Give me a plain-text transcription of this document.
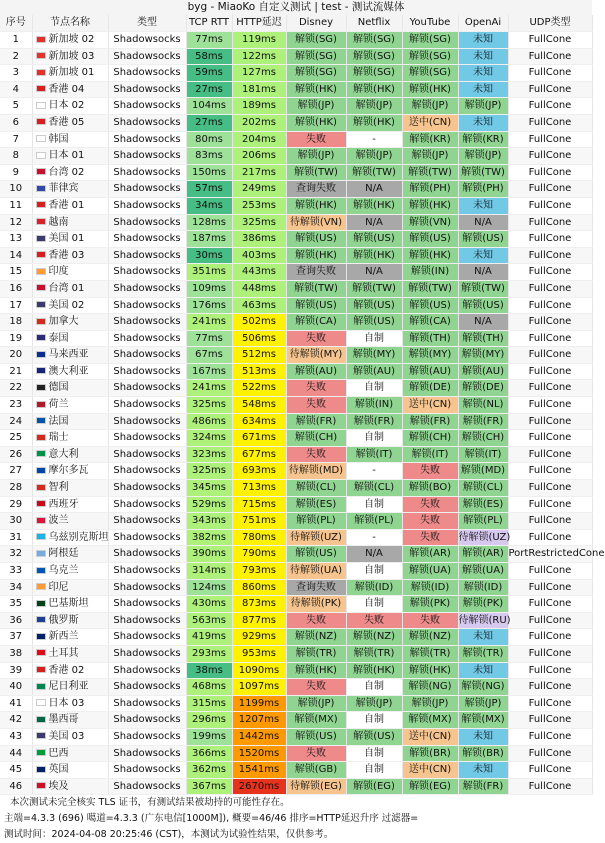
byg - MiaoKo 自定义测试 | test - 测试流媒体
序号	节点名称	类型	TCP RTT	HTTP延迟	Disney	Netflix	YouTube	OpenAi	UDP类型
1	新加坡 02	Shadowsocks	77ms	119ms	解锁(SG)	解锁(SG)	解锁(SG)	未知	FullCone
2	新加坡 03	Shadowsocks	58ms	122ms	解锁(SG)	解锁(SG)	解锁(SG)	未知	FullCone
3	新加坡 01	Shadowsocks	59ms	127ms	解锁(SG)	解锁(SG)	解锁(SG)	未知	FullCone
4	香港 04	Shadowsocks	27ms	181ms	解锁(HK)	解锁(HK)	解锁(HK)	未知	FullCone
5	日本 02	Shadowsocks	104ms	189ms	解锁(JP)	解锁(JP)	解锁(JP)	解锁(JP)	FullCone
6	香港 05	Shadowsocks	27ms	202ms	解锁(HK)	解锁(HK)	送中(CN)	未知	FullCone
7	韩国	Shadowsocks	80ms	204ms	失败	-	解锁(KR)	解锁(KR)	FullCone
8	日本 01	Shadowsocks	83ms	206ms	解锁(JP)	解锁(JP)	解锁(JP)	解锁(JP)	FullCone
9	台湾 02	Shadowsocks	150ms	217ms	解锁(TW)	解锁(TW)	解锁(TW)	解锁(TW)	FullCone
10	菲律宾	Shadowsocks	57ms	249ms	查询失败	N/A	解锁(PH)	解锁(PH)	FullCone
11	香港 01	Shadowsocks	34ms	253ms	解锁(HK)	解锁(HK)	解锁(HK)	未知	FullCone
12	越南	Shadowsocks	128ms	325ms	待解锁(VN)	N/A	解锁(VN)	N/A	FullCone
13	美国 01	Shadowsocks	187ms	386ms	解锁(US)	解锁(US)	解锁(US)	解锁(US)	FullCone
14	香港 03	Shadowsocks	30ms	403ms	解锁(HK)	解锁(HK)	解锁(HK)	未知	FullCone
15	印度	Shadowsocks	351ms	443ms	查询失败	N/A	解锁(IN)	N/A	FullCone
16	台湾 01	Shadowsocks	109ms	448ms	解锁(TW)	解锁(TW)	解锁(TW)	解锁(TW)	FullCone
17	美国 02	Shadowsocks	176ms	463ms	解锁(US)	解锁(US)	解锁(US)	解锁(US)	FullCone
18	加拿大	Shadowsocks	241ms	502ms	解锁(CA)	解锁(US)	解锁(CA)	N/A	FullCone
19	泰国	Shadowsocks	77ms	506ms	失败	自制	解锁(TH)	解锁(TH)	FullCone
20	马来西亚	Shadowsocks	67ms	512ms	待解锁(MY)	解锁(MY)	解锁(MY)	解锁(MY)	FullCone
21	澳大利亚	Shadowsocks	167ms	513ms	解锁(AU)	解锁(AU)	解锁(AU)	解锁(AU)	FullCone
22	德国	Shadowsocks	241ms	522ms	失败	自制	解锁(DE)	解锁(DE)	FullCone
23	荷兰	Shadowsocks	325ms	548ms	失败	解锁(IN)	送中(CN)	解锁(NL)	FullCone
24	法国	Shadowsocks	486ms	634ms	解锁(FR)	解锁(FR)	解锁(FR)	解锁(FR)	FullCone
25	瑞士	Shadowsocks	324ms	671ms	解锁(CH)	自制	解锁(CH)	解锁(CH)	FullCone
26	意大利	Shadowsocks	323ms	677ms	失败	解锁(IT)	解锁(IT)	解锁(IT)	FullCone
27	摩尔多瓦	Shadowsocks	325ms	693ms	待解锁(MD)	-	失败	解锁(MD)	FullCone
28	智利	Shadowsocks	345ms	713ms	解锁(CL)	解锁(CL)	解锁(BO)	解锁(CL)	FullCone
29	西班牙	Shadowsocks	529ms	715ms	解锁(ES)	自制	失败	解锁(ES)	FullCone
30	波兰	Shadowsocks	343ms	751ms	解锁(PL)	解锁(PL)	失败	解锁(PL)	FullCone
31	乌兹别克斯坦	Shadowsocks	382ms	780ms	待解锁(UZ)	-	失败	待解锁(UZ)	FullCone
32	阿根廷	Shadowsocks	390ms	790ms	解锁(US)	N/A	解锁(AR)	解锁(AR)	PortRestrictedCone
33	乌克兰	Shadowsocks	314ms	793ms	待解锁(UA)	自制	解锁(UA)	解锁(UA)	FullCone
34	印尼	Shadowsocks	124ms	860ms	查询失败	解锁(ID)	解锁(ID)	解锁(ID)	FullCone
35	巴基斯坦	Shadowsocks	430ms	873ms	待解锁(PK)	自制	解锁(PK)	解锁(PK)	FullCone
36	俄罗斯	Shadowsocks	563ms	877ms	失败	失败	失败	待解锁(RU)	FullCone
37	新西兰	Shadowsocks	419ms	929ms	解锁(NZ)	解锁(NZ)	解锁(NZ)	未知	FullCone
38	土耳其	Shadowsocks	293ms	953ms	解锁(TR)	解锁(TR)	解锁(TR)	解锁(TR)	FullCone
39	香港 02	Shadowsocks	38ms	1090ms	解锁(HK)	解锁(HK)	解锁(HK)	未知	FullCone
40	尼日利亚	Shadowsocks	468ms	1097ms	失败	自制	解锁(NG)	解锁(NG)	FullCone
41	日本 03	Shadowsocks	315ms	1199ms	解锁(JP)	解锁(JP)	解锁(JP)	解锁(JP)	FullCone
42	墨西哥	Shadowsocks	296ms	1207ms	解锁(MX)	自制	解锁(MX)	解锁(MX)	FullCone
43	美国 03	Shadowsocks	199ms	1442ms	解锁(US)	解锁(US)	送中(CN)	未知	FullCone
44	巴西	Shadowsocks	366ms	1520ms	失败	自制	解锁(BR)	解锁(BR)	FullCone
45	英国	Shadowsocks	362ms	1541ms	解锁(GB)	自制	送中(CN)	未知	FullCone
46	埃及	Shadowsocks	367ms	2670ms	待解锁(EG)	解锁(EG)	解锁(EG)	解锁(FR)	FullCone
本次测试未完全核实 TLS 证书，有测试结果被劫持的可能性存在。
主端=4.3.3 (696) 噶道=4.3.3 (广东电信[1000M]), 概要=46/46 排序=HTTP延迟升序 过滤器=
测试时间：2024-04-08 20:25:46 (CST)，本测试为试验性结果，仅供参考。
